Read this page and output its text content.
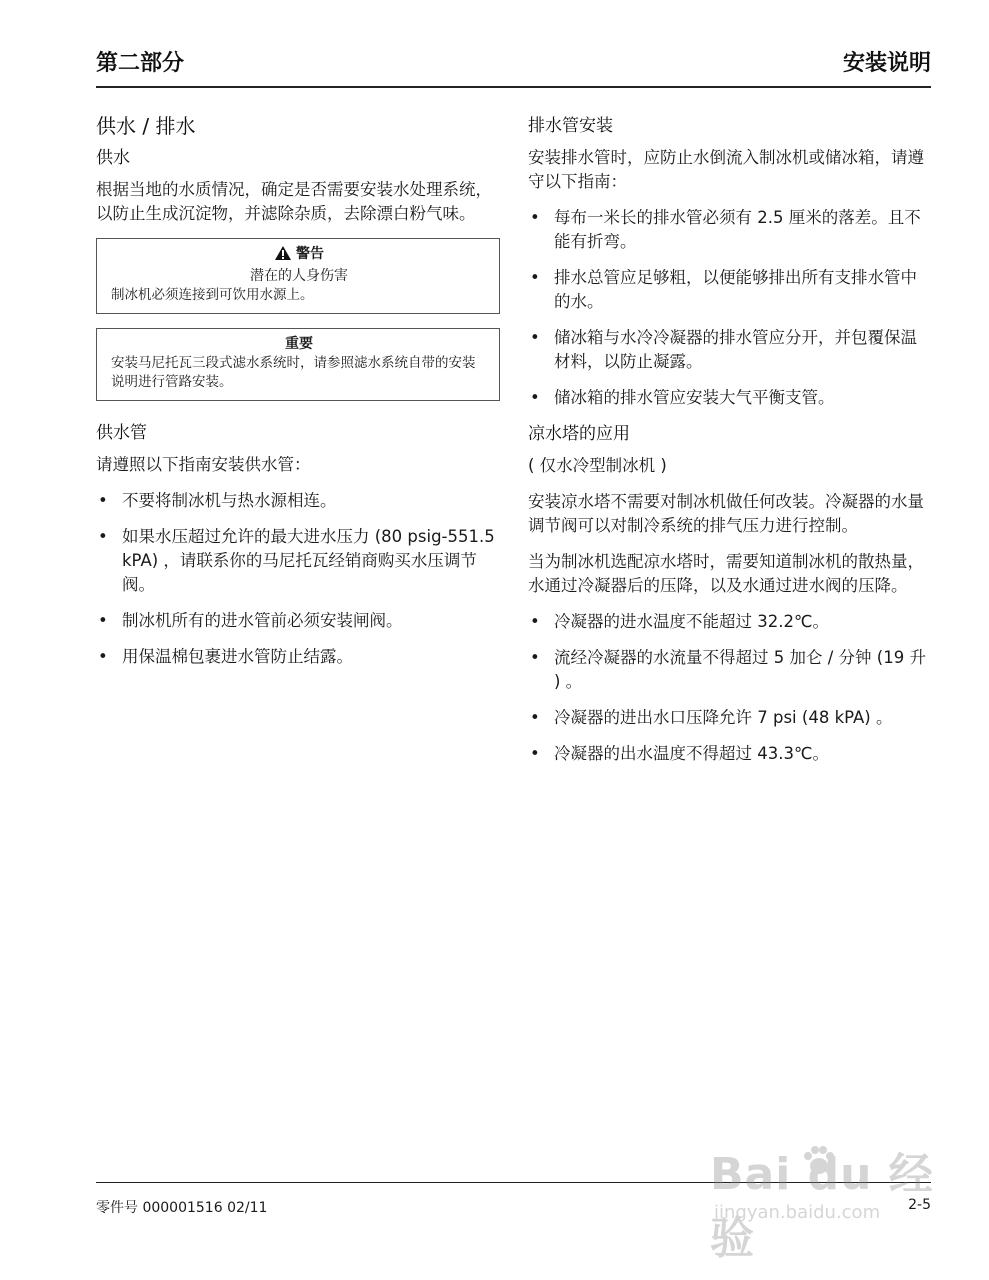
第二部分	安装说明
供水 / 排水
供水

根据当地的水质情况，确定是否需要安装水处理系统，以防止生成沉淀物，并滤除杂质，去除漂白粉气味。

警告
潜在的人身伤害
制冰机必须连接到可饮用水源上。
重要
安装马尼托瓦三段式滤水系统时，请参照滤水系统自带的安装说明进行管路安装。
供水管

请遵照以下指南安装供水管：

• 不要将制冰机与热水源相连。
• 如果水压超过允许的最大进水压力 (80 psig-551.5 kPA) ，请联系你的马尼托瓦经销商购买水压调节阀。
• 制冰机所有的进水管前必须安装闸阀。
• 用保温棉包裹进水管防止结露。
排水管安装

安装排水管时，应防止水倒流入制冰机或储冰箱，请遵守以下指南：

• 每布一米长的排水管必须有 2.5 厘米的落差。且不能有折弯。
• 排水总管应足够粗，以便能够排出所有支排水管中的水。
• 储冰箱与水冷冷凝器的排水管应分开，并包覆保温材料，以防止凝露。
• 储冰箱的排水管应安装大气平衡支管。
凉水塔的应用

( 仅水冷型制冰机 )

安装凉水塔不需要对制冰机做任何改装。冷凝器的水量调节阀可以对制冷系统的排气压力进行控制。

当为制冰机选配凉水塔时，需要知道制冰机的散热量，水通过冷凝器后的压降，以及水通过进水阀的压降。

• 冷凝器的进水温度不能超过 32.2℃。
• 流经冷凝器的水流量不得超过 5 加仑 / 分钟 (19 升 ) 。
• 冷凝器的进出水口压降允许 7 psi (48 kPA) 。
• 冷凝器的出水温度不得超过 43.3℃。
零件号 000001516 02/11	2-5
Bai du 经验
jingyan.baidu.com
